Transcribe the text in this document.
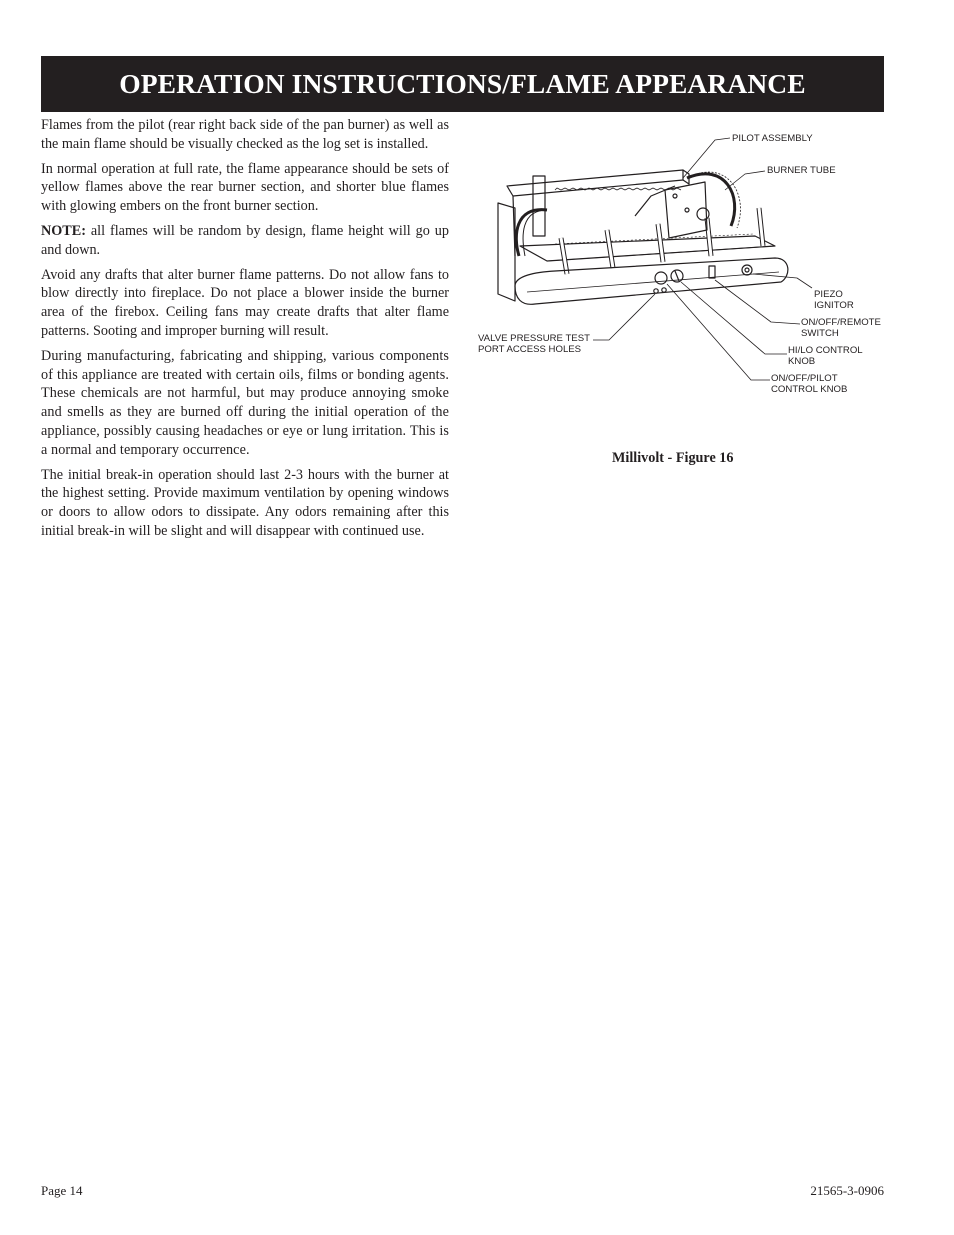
OPERATION INSTRUCTIONS/FLAME APPEARANCE

Flames from the pilot (rear right back side of the pan burner) as well as the main flame should be visually checked as the log set is installed.

In normal operation at full rate, the flame appearance should be sets of yellow flames above the rear burner section, and shorter blue flames with glowing embers on the front burner section.

NOTE: all flames will be random by design, flame height will go up and down.

Avoid any drafts that alter burner flame patterns. Do not allow fans to blow directly into fireplace. Do not place a blower inside the burner area of the firebox. Ceiling fans may create drafts that alter flame patterns. Sooting and improper burning will result.

During manufacturing, fabricating and shipping, various components of this appliance are treated with certain oils, films or bonding agents. These chemicals are not harmful, but may produce annoying smoke and smells as they are burned off during the initial operation of the appliance, possibly causing headaches or eye or lung irritation. This is a normal and temporary occurrence.

The initial break-in operation should last 2-3 hours with the burner at the highest setting. Provide maximum ventilation by opening windows or doors to allow odors to dissipate. Any odors remaining after this initial break-in will be slight and will disappear with continued use.

PILOT ASSEMBLY
BURNER TUBE
PIEZO
IGNITOR
ON/OFF/REMOTE
SWITCH
HI/LO CONTROL
KNOB
ON/OFF/PILOT
CONTROL KNOB
VALVE PRESSURE TEST
PORT ACCESS HOLES
Millivolt - Figure 16
Page 14	21565-3-0906
